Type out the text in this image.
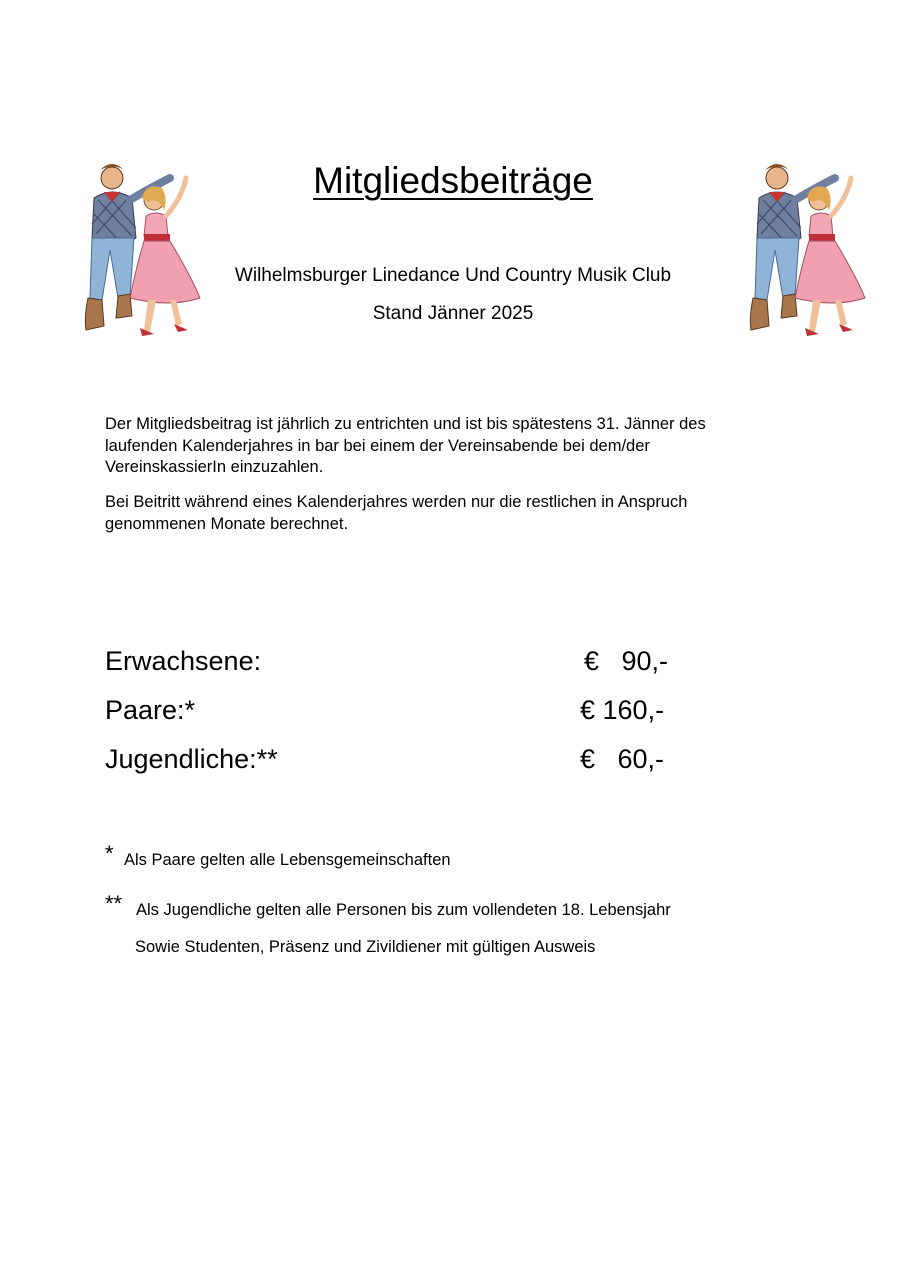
Mitgliedsbeiträge
Wilhelmsburger Linedance Und Country Musik Club
Stand Jänner 2025
Der Mitgliedsbeitrag ist jährlich zu entrichten und ist bis spätestens 31. Jänner des
laufenden Kalenderjahres in bar bei einem der Vereinsabende bei dem/der
VereinskassierIn einzuzahlen.
Bei Beitritt während eines Kalenderjahres werden nur die restlichen in Anspruch
genommenen Monate berechnet.
Erwachsene:	€   90,-
Paare:*	€ 160,-
Jugendliche:**	€   60,-
* Als Paare gelten alle Lebensgemeinschaften
** Als Jugendliche gelten alle Personen bis zum vollendeten 18. Lebensjahr
Sowie Studenten, Präsenz und Zivildiener mit gültigen Ausweis
